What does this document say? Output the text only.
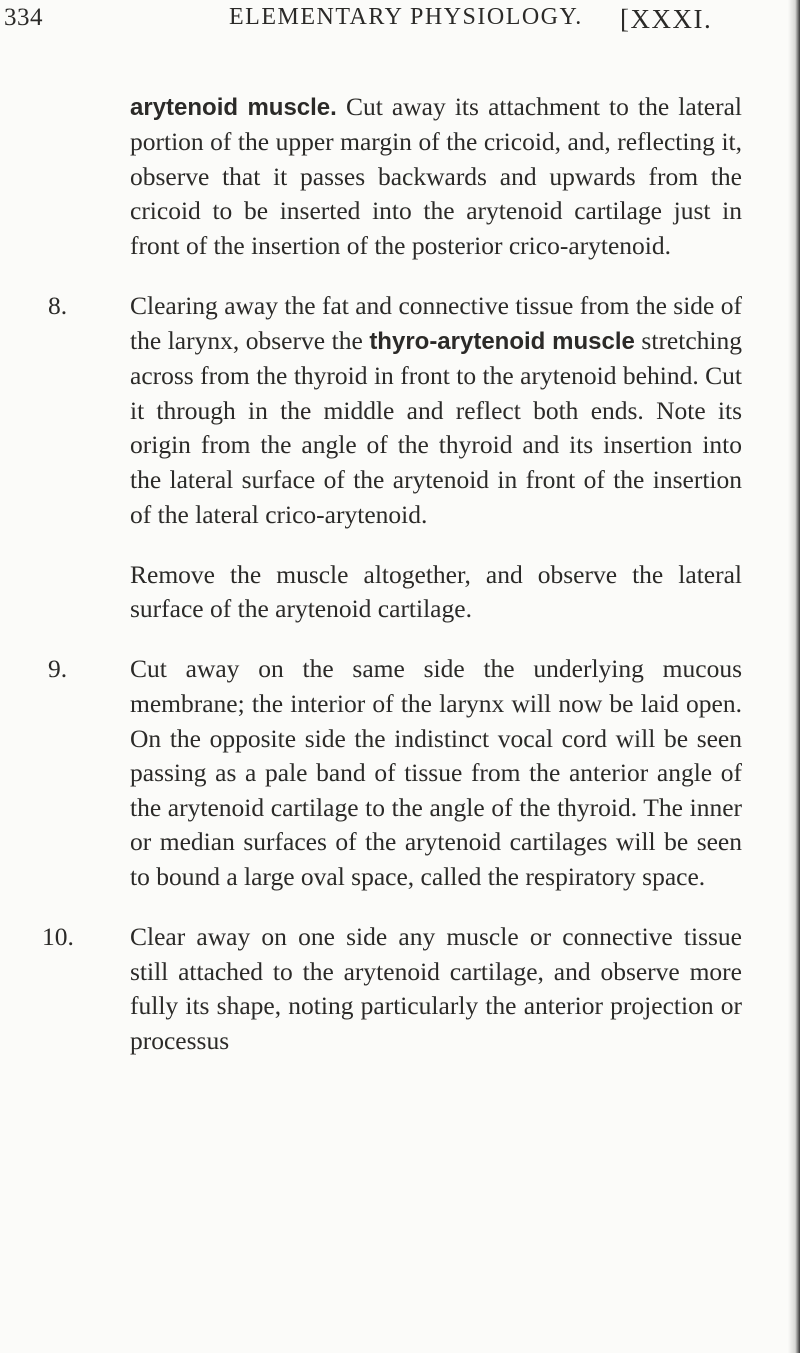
334	ELEMENTARY PHYSIOLOGY. [XXXI.

arytenoid muscle. Cut away its attachment to the lateral portion of the upper margin of the cricoid, and, reflecting it, observe that it passes backwards and upwards from the cricoid to be inserted into the arytenoid cartilage just in front of the insertion of the posterior crico-arytenoid.

8. Clearing away the fat and connective tissue from the side of the larynx, observe the thyro-arytenoid muscle stretching across from the thyroid in front to the arytenoid behind. Cut it through in the middle and reflect both ends. Note its origin from the angle of the thyroid and its insertion into the lateral surface of the arytenoid in front of the insertion of the lateral crico-arytenoid.

Remove the muscle altogether, and observe the lateral surface of the arytenoid cartilage.

9. Cut away on the same side the underlying mucous membrane; the interior of the larynx will now be laid open. On the opposite side the indistinct vocal cord will be seen passing as a pale band of tissue from the anterior angle of the arytenoid cartilage to the angle of the thyroid. The inner or median surfaces of the arytenoid cartilages will be seen to bound a large oval space, called the respiratory space.

10. Clear away on one side any muscle or connective tissue still attached to the arytenoid cartilage, and observe more fully its shape, noting particularly the anterior projection or processus
